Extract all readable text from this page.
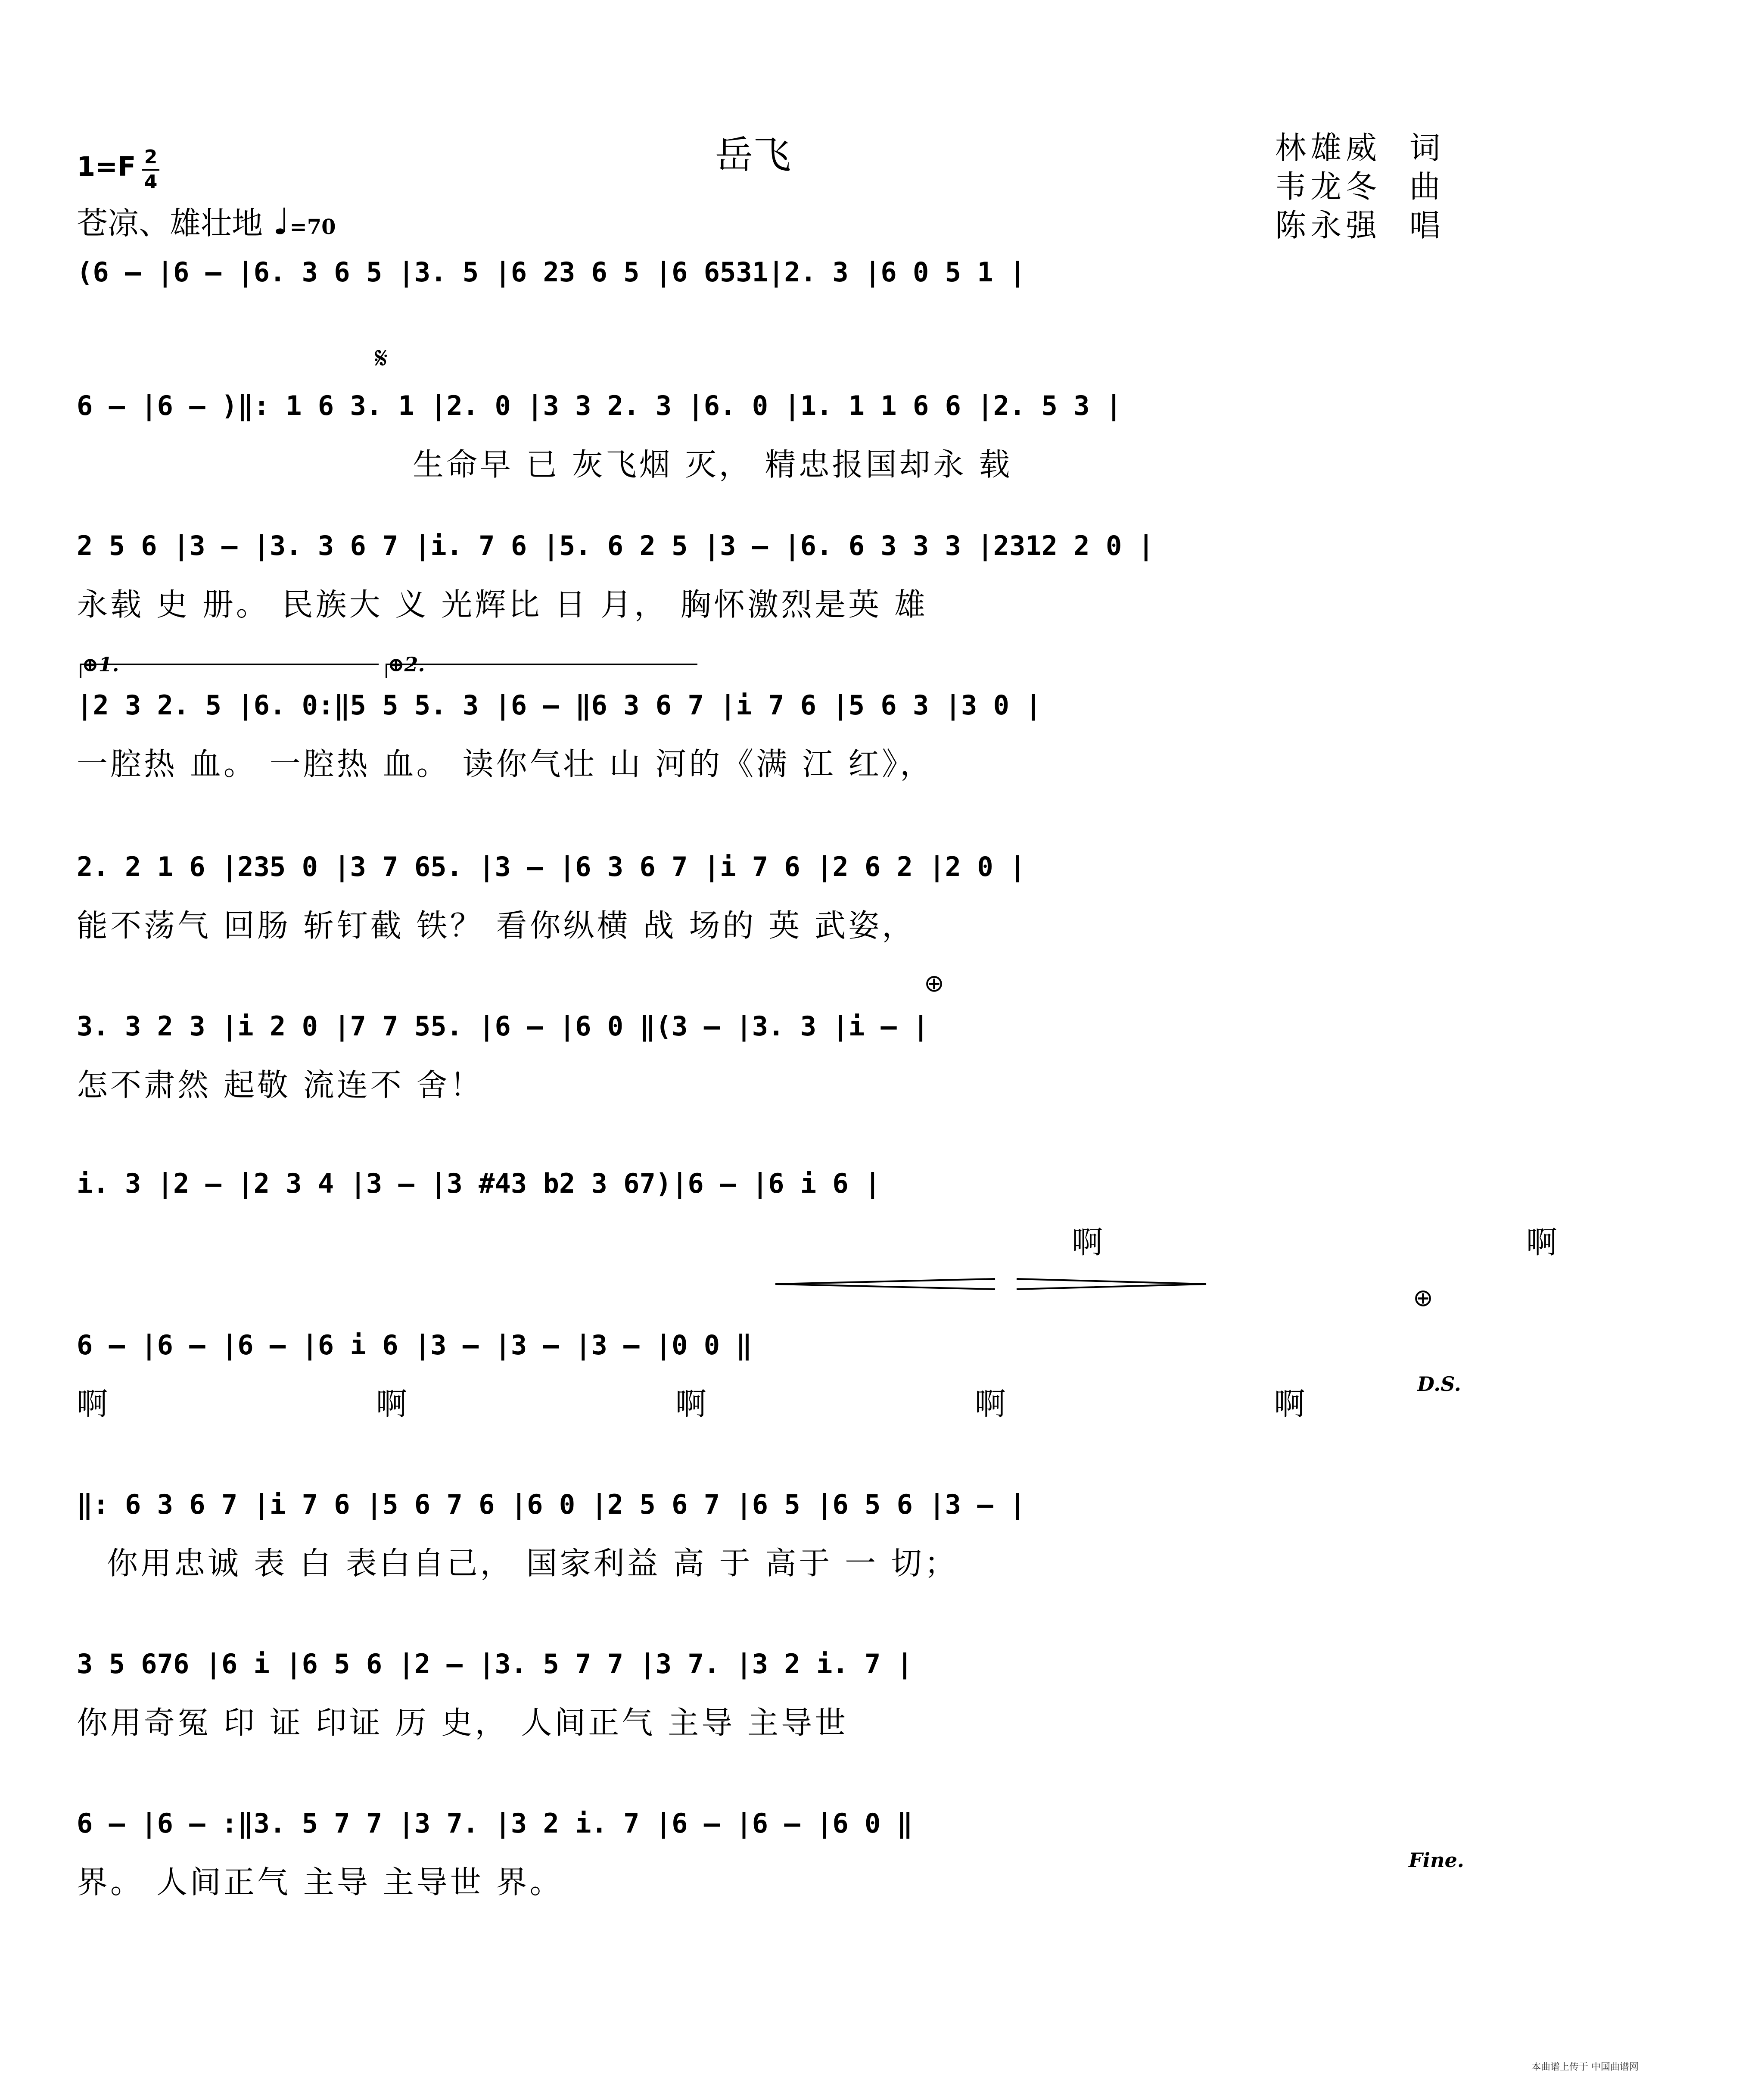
岳飞
1=F 2
4
苍凉、雄壮地 ♩=70
林雄威 词
韦龙冬 曲
陈永强 唱
(6 – |6 – |6. 3 6 5 |3. 5 |6 23 6 5 |6 6531|2. 3 |6 0 5 1 |
𝄋
6 – |6 – )‖: 1 6 3. 1 |2. 0 |3 3 2. 3 |6. 0 |1. 1 1 6 6 |2. 5 3 |
生命早 已 灰飞烟 灭， 精忠报国却永 载
2 5 6 |3 – |3. 3 6 7 |i. 7 6 |5. 6 2 5 |3 – |6. 6 3 3 3 |2312 2 0 |
永载 史 册。 民族大 义 光辉比 日 月， 胸怀激烈是英 雄
⊕1.	⊕2.
|2 3 2. 5 |6. 0:‖5 5 5. 3 |6 – ‖6 3 6 7 |i 7 6 |5 6 3 |3 0 |
一腔热 血。 一腔热 血。 读你气壮 山 河的《满 江 红》，
2. 2 1 6 |235 0 |3 7 65. |3 – |6 3 6 7 |i 7 6 |2 6 2 |2 0 |
能不荡气 回肠 斩钉截 铁？ 看你纵横 战 场的 英 武姿，
⊕
3. 3 2 3 |i 2 0 |7 7 55. |6 – |6 0 ‖(3 – |3. 3 |i – |
怎不肃然 起敬 流连不 舍！
i. 3 |2 – |2 3 4 |3 – |3 #43 b2 3 67)|6 – |6 i 6 |
啊 啊
⊕
6 – |6 – |6 – |6 i 6 |3 – |3 – |3 – |0 0 ‖
D.S.
啊 啊 啊 啊 啊
‖: 6 3 6 7 |i 7 6 |5 6 7 6 |6 0 |2 5 6 7 |6 5 |6 5 6 |3 – |
你用忠诚 表 白 表白自己， 国家利益 高 于 高于 一 切；
3 5 676 |6 i |6 5 6 |2 – |3. 5 7 7 |3 7. |3 2 i. 7 |
你用奇冤 印 证 印证 历 史， 人间正气 主导 主导世
6 – |6 – :‖3. 5 7 7 |3 7. |3 2 i. 7 |6 – |6 – |6 0 ‖
Fine.
界。 人间正气 主导 主导世 界。
本曲谱上传于 中国曲谱网
